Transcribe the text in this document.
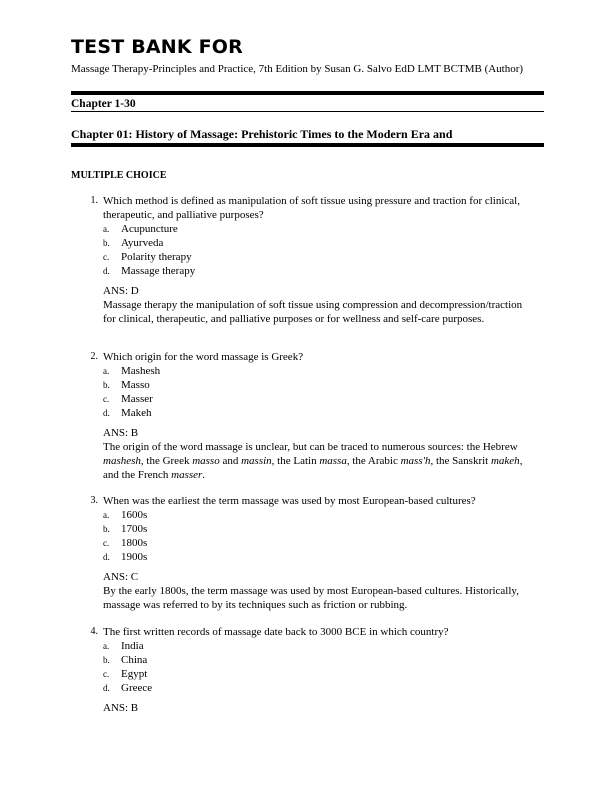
TEST BANK FOR
Massage Therapy-Principles and Practice, 7th Edition by Susan G. Salvo EdD LMT BCTMB (Author)
Chapter 1-30
Chapter 01: History of Massage: Prehistoric Times to the Modern Era and
MULTIPLE CHOICE
1. Which method is defined as manipulation of soft tissue using pressure and traction for clinical, therapeutic, and palliative purposes?
a. Acupuncture
b. Ayurveda
c. Polarity therapy
d. Massage therapy
ANS: D
Massage therapy the manipulation of soft tissue using compression and decompression/traction for clinical, therapeutic, and palliative purposes or for wellness and self-care purposes.
2. Which origin for the word massage is Greek?
a. Mashesh
b. Masso
c. Masser
d. Makeh
ANS: B
The origin of the word massage is unclear, but can be traced to numerous sources: the Hebrew mashesh, the Greek masso and massin, the Latin massa, the Arabic mass'h, the Sanskrit makeh, and the French masser.
3. When was the earliest the term massage was used by most European-based cultures?
a. 1600s
b. 1700s
c. 1800s
d. 1900s
ANS: C
By the early 1800s, the term massage was used by most European-based cultures. Historically, massage was referred to by its techniques such as friction or rubbing.
4. The first written records of massage date back to 3000 BCE in which country?
a. India
b. China
c. Egypt
d. Greece
ANS: B
